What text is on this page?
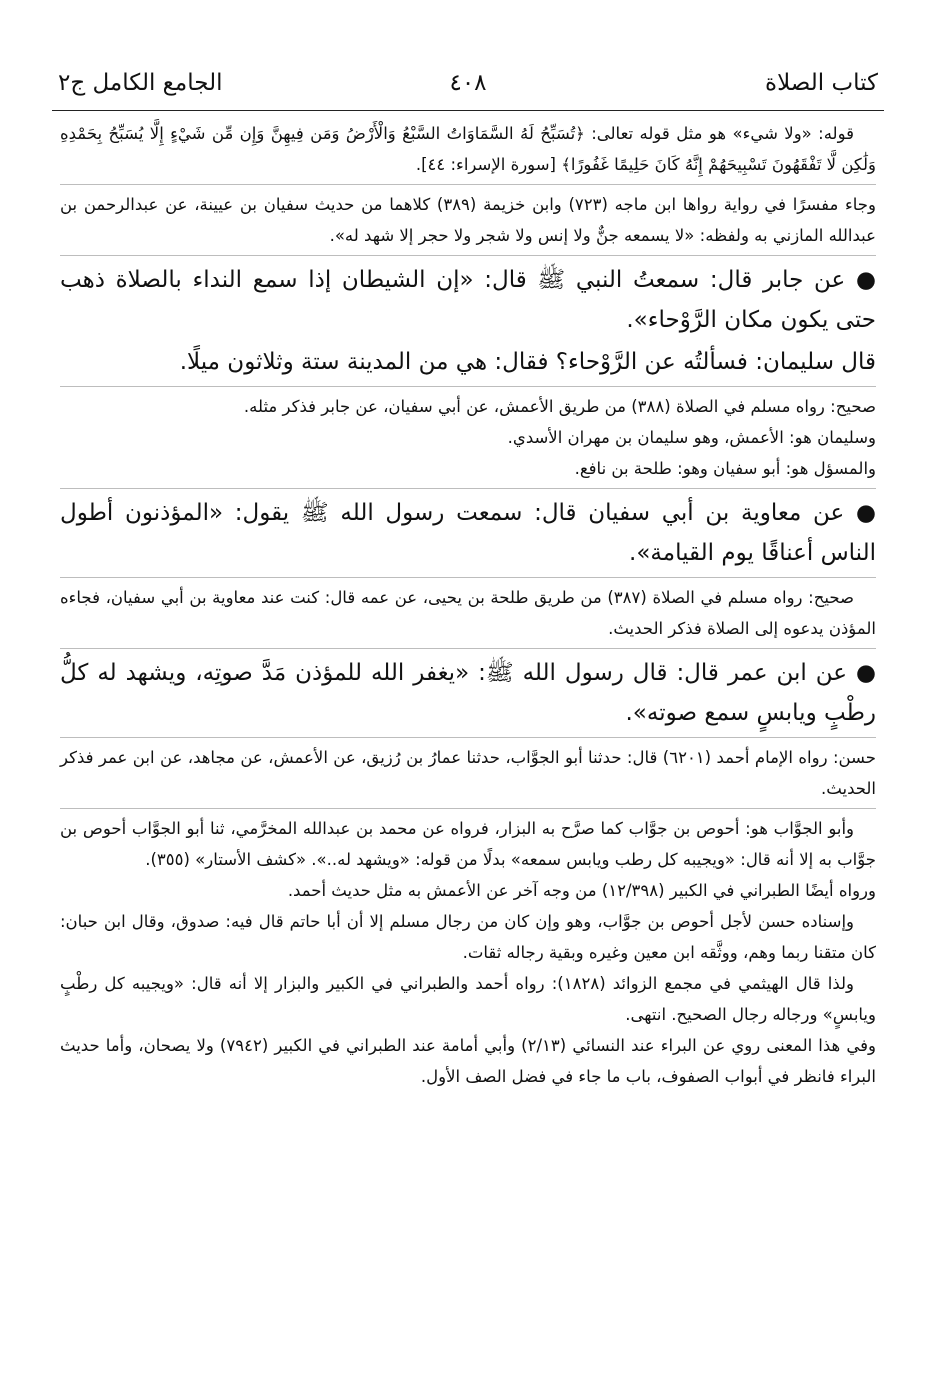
كتاب الصلاة
٤٠٨
الجامع الكامل ج٢

قوله: «ولا شيء» هو مثل قوله تعالى: ﴿تُسَبِّحُ لَهُ السَّمَاوَاتُ السَّبْعُ وَالْأَرْضُ وَمَن فِيهِنَّ وَإِن مِّن شَيْءٍ إِلَّا يُسَبِّحُ بِحَمْدِهِ وَلَٰكِن لَّا تَفْقَهُونَ تَسْبِيحَهُمْ إِنَّهُ كَانَ حَلِيمًا غَفُورًا﴾ [سورة الإسراء: ٤٤].

وجاء مفسرًا في رواية رواها ابن ماجه (٧٢٣) وابن خزيمة (٣٨٩) كلاهما من حديث سفيان بن عيينة، عن عبدالرحمن بن عبدالله المازني به ولفظه: «لا يسمعه جنٌّ ولا إنس ولا شجر ولا حجر إلا شهد له».

● عن جابر قال: سمعتُ النبي ﷺ قال: «إن الشيطان إذا سمع النداء بالصلاة ذهب حتى يكون مكان الرَّوْحاء».

قال سليمان: فسألتُه عن الرَّوْحاء؟ فقال: هي من المدينة ستة وثلاثون ميلًا.

صحيح: رواه مسلم في الصلاة (٣٨٨) من طريق الأعمش، عن أبي سفيان، عن جابر فذكر مثله.

وسليمان هو: الأعمش، وهو سليمان بن مهران الأسدي.

والمسؤل هو: أبو سفيان وهو: طلحة بن نافع.

● عن معاوية بن أبي سفيان قال: سمعت رسول الله ﷺ يقول: «المؤذنون أطول الناس أعناقًا يوم القيامة».

صحيح: رواه مسلم في الصلاة (٣٨٧) من طريق طلحة بن يحيى، عن عمه قال: كنت عند معاوية بن أبي سفيان، فجاءه المؤذن يدعوه إلى الصلاة فذكر الحديث.

● عن ابن عمر قال: قال رسول الله ﷺ: «يغفر الله للمؤذن مَدَّ صوتِه، ويشهد له كلُّ رطْبٍ ويابسٍ سمع صوته».

حسن: رواه الإمام أحمد (٦٢٠١) قال: حدثنا أبو الجوَّاب، حدثنا عمارُ بن رُزيق، عن الأعمش، عن مجاهد، عن ابن عمر فذكر الحديث.

وأبو الجوَّاب هو: أحوص بن جوَّاب كما صرَّح به البزار، فرواه عن محمد بن عبدالله المخرَّمي، ثنا أبو الجوَّاب أحوص بن جوَّاب به إلا أنه قال: «ويجيبه كل رطب ويابس سمعه» بدلًا من قوله: «ويشهد له..». «كشف الأستار» (٣٥٥).

ورواه أيضًا الطبراني في الكبير (١٢/٣٩٨) من وجه آخر عن الأعمش به مثل حديث أحمد.

وإسناده حسن لأجل أحوص بن جوَّاب، وهو وإن كان من رجال مسلم إلا أن أبا حاتم قال فيه: صدوق، وقال ابن حبان: كان متقنا ربما وهم، ووثَّقه ابن معين وغيره وبقية رجاله ثقات.

ولذا قال الهيثمي في مجمع الزوائد (١٨٢٨): رواه أحمد والطبراني في الكبير والبزار إلا أنه قال: «ويجيبه كل رطْبٍ ويابسٍ» ورجاله رجال الصحيح. انتهى.

وفي هذا المعنى روي عن البراء عند النسائي (٢/١٣) وأبي أمامة عند الطبراني في الكبير (٧٩٤٢) ولا يصحان، وأما حديث البراء فانظر في أبواب الصفوف، باب ما جاء في فضل الصف الأول.
